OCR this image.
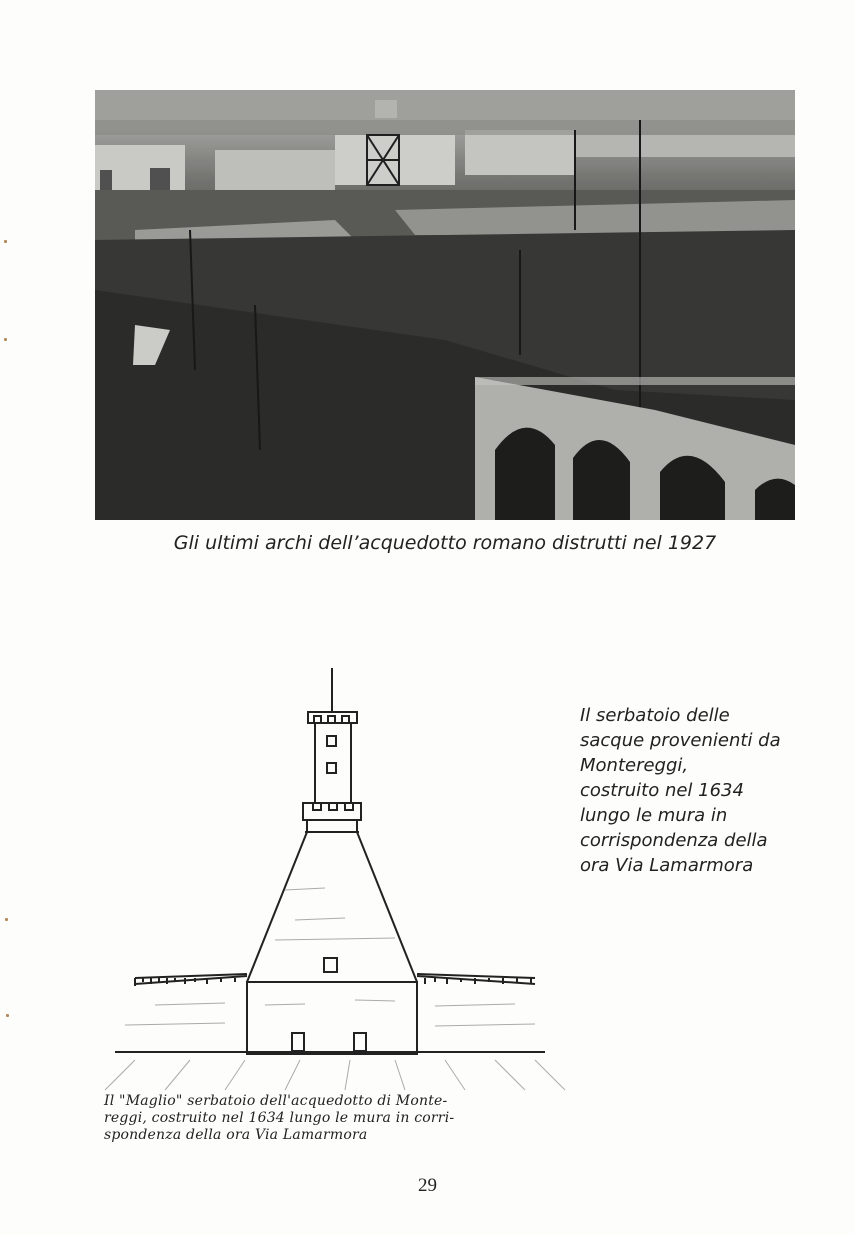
Gli ultimi archi dell’acquedotto romano distrutti nel 1927
Il serbatoio delle
sacque provenienti da
Montereggi,
costruito nel 1634
lungo le mura in
corrispondenza della
ora Via Lamarmora
Il "Maglio" serbatoio dell'acquedotto di Monte-
reggi, costruito nel 1634 lungo le mura in corri-
spondenza della ora Via Lamarmora
29
